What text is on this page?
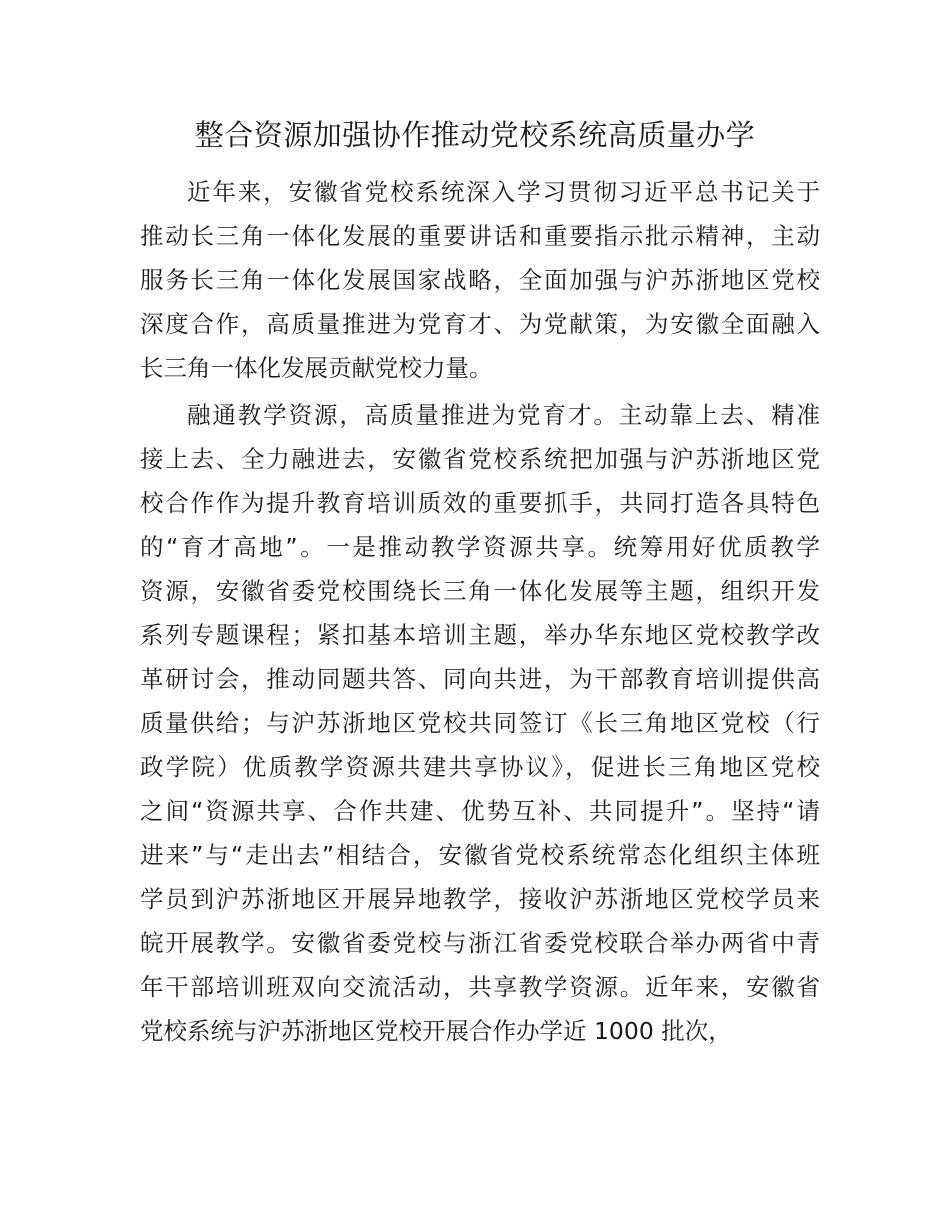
整合资源加强协作推动党校系统高质量办学
近年来，安徽省党校系统深入学习贯彻习近平总书记关于
推动长三角一体化发展的重要讲话和重要指示批示精神，主动
服务长三角一体化发展国家战略，全面加强与沪苏浙地区党校
深度合作，高质量推进为党育才、为党献策，为安徽全面融入
长三角一体化发展贡献党校力量。
融通教学资源，高质量推进为党育才。主动靠上去、精准
接上去、全力融进去，安徽省党校系统把加强与沪苏浙地区党
校合作作为提升教育培训质效的重要抓手，共同打造各具特色
的“育才高地”。一是推动教学资源共享。统筹用好优质教学
资源，安徽省委党校围绕长三角一体化发展等主题，组织开发
系列专题课程；紧扣基本培训主题，举办华东地区党校教学改
革研讨会，推动同题共答、同向共进，为干部教育培训提供高
质量供给；与沪苏浙地区党校共同签订《长三角地区党校（行
政学院）优质教学资源共建共享协议》，促进长三角地区党校
之间“资源共享、合作共建、优势互补、共同提升”。坚持“请
进来”与“走出去”相结合，安徽省党校系统常态化组织主体班
学员到沪苏浙地区开展异地教学，接收沪苏浙地区党校学员来
皖开展教学。安徽省委党校与浙江省委党校联合举办两省中青
年干部培训班双向交流活动，共享教学资源。近年来，安徽省
党校系统与沪苏浙地区党校开展合作办学近 1000 批次，
